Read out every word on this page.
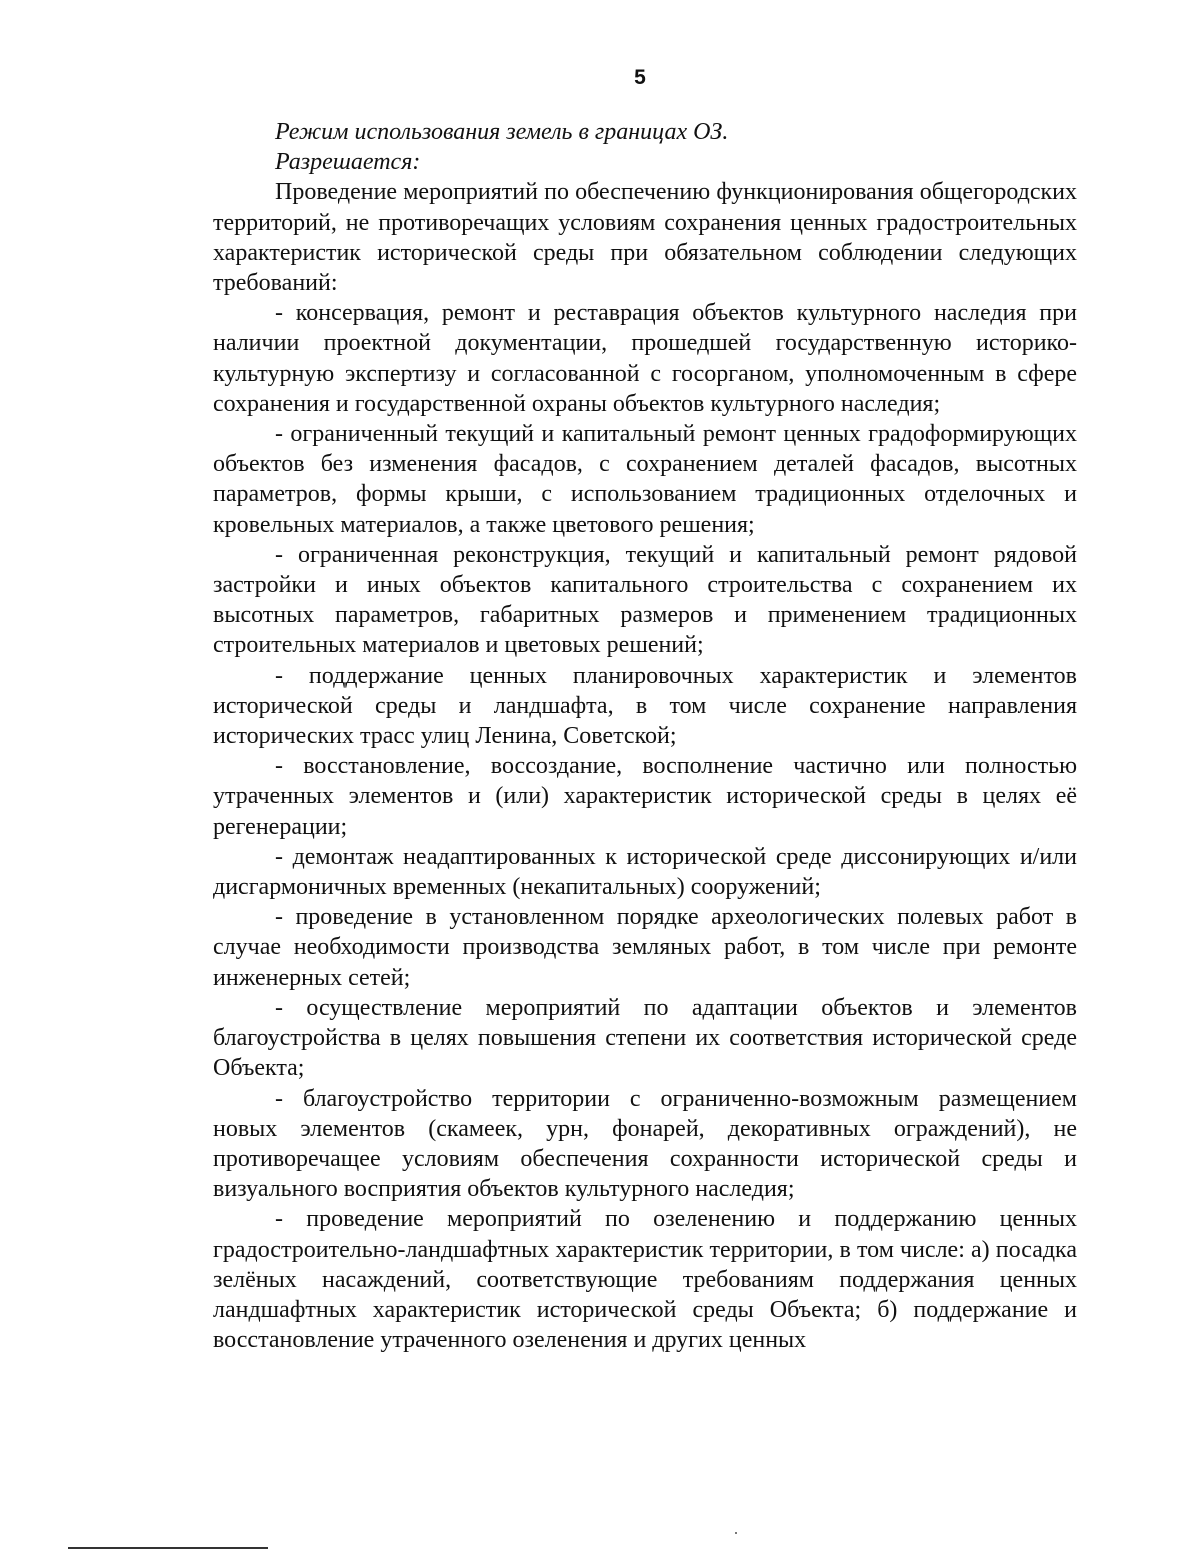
5

Режим использования земель в границах ОЗ.

Разрешается:

Проведение мероприятий по обеспечению функционирования общегородских территорий, не противоречащих условиям сохранения ценных градостроительных характеристик исторической среды при обязательном соблюдении следующих требований:

- консервация, ремонт и реставрация объектов культурного наследия при наличии проектной документации, прошедшей государственную историко-культурную экспертизу и согласованной с госорганом, уполномоченным в сфере сохранения и государственной охраны объектов культурного наследия;

- ограниченный текущий и капитальный ремонт ценных градоформирующих объектов без изменения фасадов, с сохранением деталей фасадов, высотных параметров, формы крыши, с использованием традиционных отделочных и кровельных материалов, а также цветового решения;

- ограниченная реконструкция, текущий и капитальный ремонт рядовой застройки и иных объектов капитального строительства с сохранением их высотных параметров, габаритных размеров и применением традиционных строительных материалов и цветовых решений;

- поддержание ценных планировочных характеристик и элементов исторической среды и ландшафта, в том числе сохранение направления исторических трасс улиц Ленина, Советской;

- восстановление, воссоздание, восполнение частично или полностью утраченных элементов и (или) характеристик исторической среды в целях её регенерации;

- демонтаж неадаптированных к исторической среде диссонирующих и/или дисгармоничных временных (некапитальных) сооружений;

- проведение в установленном порядке археологических полевых работ в случае необходимости производства земляных работ, в том числе при ремонте инженерных сетей;

- осуществление мероприятий по адаптации объектов и элементов благоустройства в целях повышения степени их соответствия исторической среде Объекта;

- благоустройство территории с ограниченно-возможным размещением новых элементов (скамеек, урн, фонарей, декоративных ограждений), не противоречащее условиям обеспечения сохранности исторической среды и визуального восприятия объектов культурного наследия;

- проведение мероприятий по озеленению и поддержанию ценных градостроительно-ландшафтных характеристик территории, в том числе: а) посадка зелёных насаждений, соответствующие требованиям поддержания ценных ландшафтных характеристик исторической среды Объекта; б) поддержание и восстановление утраченного озеленения и других ценных
